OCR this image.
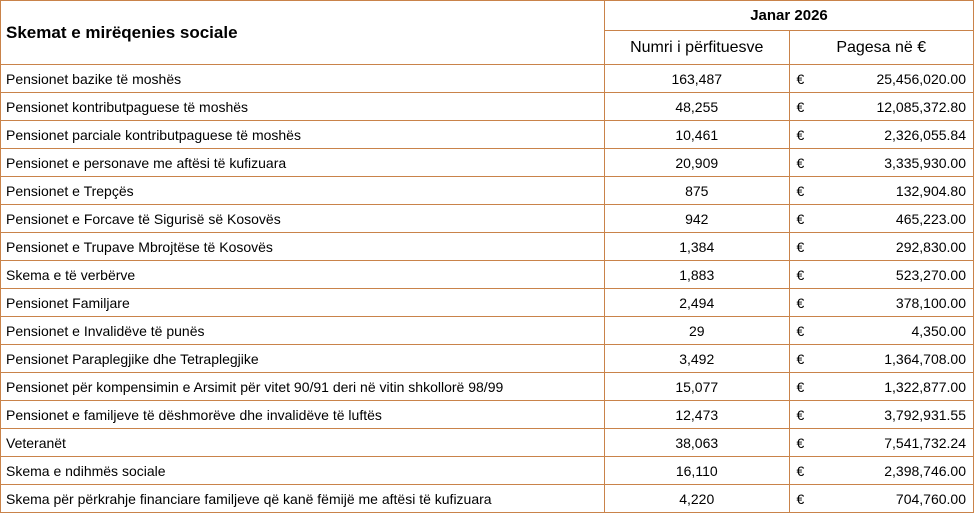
Skemat e mirëqenies sociale	Janar 2026	
	Numri i përfituesve	Pagesa në €
Pensionet bazike të moshës	163,487	€ 25,456,020.00

Pensionet kontributpaguese të moshës	48,255	€ 12,085,372.80

Pensionet parciale kontributpaguese të moshës	10,461	€ 2,326,055.84

Pensionet e personave me aftësi të kufizuara	20,909	€ 3,335,930.00

Pensionet e Trepçës	875	€ 132,904.80

Pensionet e Forcave të Sigurisë së Kosovës	942	€ 465,223.00

Pensionet e Trupave Mbrojtëse të Kosovës	1,384	€ 292,830.00

Skema e të verbërve	1,883	€ 523,270.00

Pensionet Familjare	2,494	€ 378,100.00

Pensionet e Invalidëve të punës	29	€ 4,350.00

Pensionet Paraplegjike dhe Tetraplegjike	3,492	€ 1,364,708.00

Pensionet për kompensimin e Arsimit për vitet 90/91 deri në vitin shkollorë 98/99	15,077	€ 1,322,877.00

Pensionet e familjeve të dëshmorëve dhe invalidëve të luftës	12,473	€ 3,792,931.55

Veteranët	38,063	€ 7,541,732.24

Skema e ndihmës sociale	16,110	€ 2,398,746.00

Skema për përkrahje financiare familjeve që kanë fëmijë me aftësi të kufizuara	4,220	€ 704,760.00
